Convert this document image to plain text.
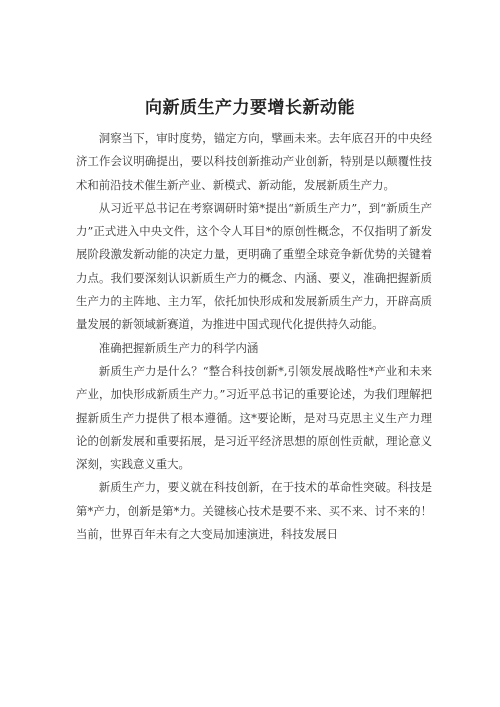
向新质生产力要增长新动能

洞察当下，审时度势，锚定方向，擘画未来。去年底召开的中央经济工作会议明确提出，要以科技创新推动产业创新，特别是以颠覆性技术和前沿技术催生新产业、新模式、新动能，发展新质生产力。

从习近平总书记在考察调研时第*提出“新质生产力”，到“新质生产力”正式进入中央文件，这个令人耳目*的原创性概念，不仅指明了新发展阶段激发新动能的决定力量，更明确了重塑全球竞争新优势的关键着力点。我们要深刻认识新质生产力的概念、内涵、要义，准确把握新质生产力的主阵地、主力军，依托加快形成和发展新质生产力，开辟高质量发展的新领域新赛道，为推进中国式现代化提供持久动能。

准确把握新质生产力的科学内涵

新质生产力是什么？“整合科技创新*,引领发展战略性*产业和未来产业，加快形成新质生产力。”习近平总书记的重要论述，为我们理解把握新质生产力提供了根本遵循。这*要论断，是对马克思主义生产力理论的创新发展和重要拓展，是习近平经济思想的原创性贡献，理论意义深刻，实践意义重大。

新质生产力，要义就在科技创新，在于技术的革命性突破。科技是第*产力，创新是第*力。关键核心技术是要不来、买不来、讨不来的！当前，世界百年未有之大变局加速演进，科技发展日
